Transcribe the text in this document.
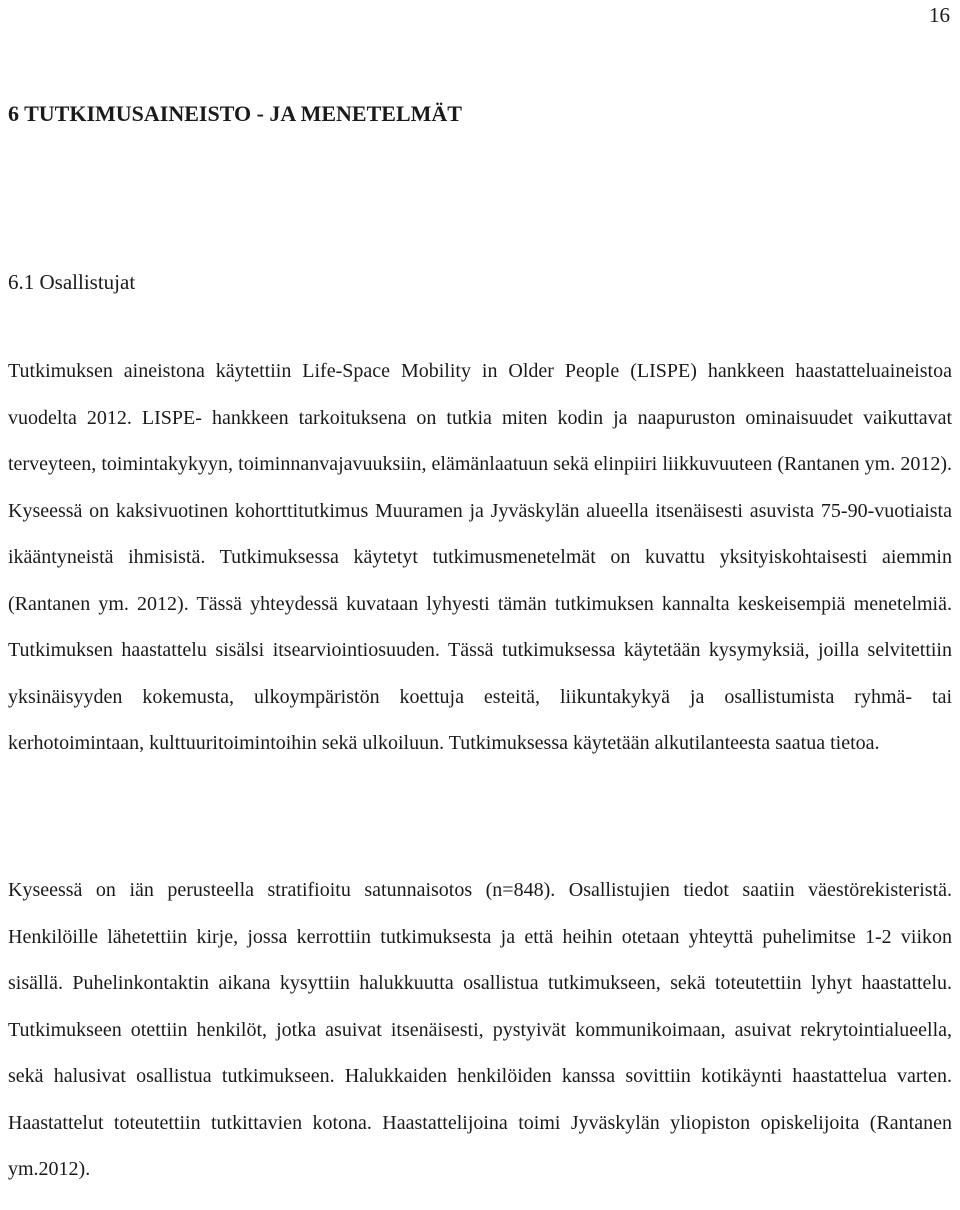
16
6 TUTKIMUSAINEISTO - JA MENETELMÄT
6.1 Osallistujat

Tutkimuksen aineistona käytettiin Life-Space Mobility in Older People (LISPE) hankkeen haastatteluaineistoa vuodelta 2012. LISPE- hankkeen tarkoituksena on tutkia miten kodin ja naapuruston ominaisuudet vaikuttavat terveyteen, toimintakykyyn, toiminnanvajavuuksiin, elämänlaatuun sekä elinpiiri liikkuvuuteen (Rantanen ym. 2012). Kyseessä on kaksivuotinen kohorttitutkimus Muuramen ja Jyväskylän alueella itsenäisesti asuvista 75-90-vuotiaista ikääntyneistä ihmisistä. Tutkimuksessa käytetyt tutkimusmenetelmät on kuvattu yksityiskohtaisesti aiemmin (Rantanen ym. 2012). Tässä yhteydessä kuvataan lyhyesti tämän tutkimuksen kannalta keskeisempiä menetelmiä. Tutkimuksen haastattelu sisälsi itsearviointiosuuden. Tässä tutkimuksessa käytetään kysymyksiä, joilla selvitettiin yksinäisyyden kokemusta, ulkoympäristön koettuja esteitä, liikuntakykyä ja osallistumista ryhmä- tai kerhotoimintaan, kulttuuritoimintoihin sekä ulkoiluun. Tutkimuksessa käytetään alkutilanteesta saatua tietoa.

Kyseessä on iän perusteella stratifioitu satunnaisotos (n=848). Osallistujien tiedot saatiin väestörekisteristä. Henkilöille lähetettiin kirje, jossa kerrottiin tutkimuksesta ja että heihin otetaan yhteyttä puhelimitse 1-2 viikon sisällä. Puhelinkontaktin aikana kysyttiin halukkuutta osallistua tutkimukseen, sekä toteutettiin lyhyt haastattelu. Tutkimukseen otettiin henkilöt, jotka asuivat itsenäisesti, pystyivät kommunikoimaan, asuivat rekrytointialueella, sekä halusivat osallistua tutkimukseen. Halukkaiden henkilöiden kanssa sovittiin kotikäynti haastattelua varten. Haastattelut toteutettiin tutkittavien kotona. Haastattelijoina toimi Jyväskylän yliopiston opiskelijoita (Rantanen ym.2012).
